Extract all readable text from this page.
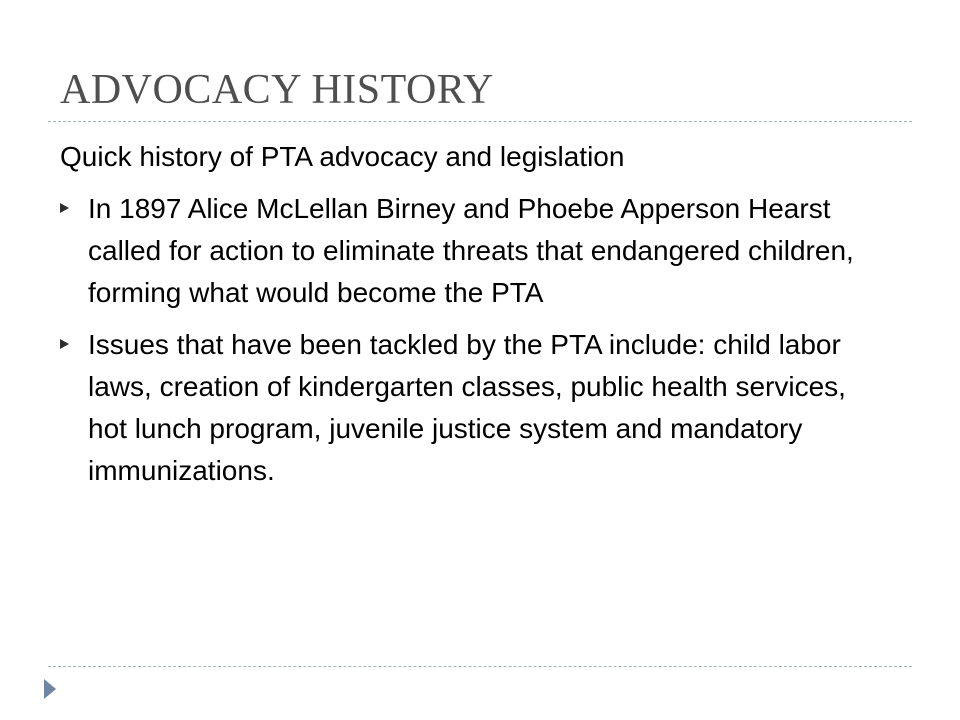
ADVOCACY HISTORY

Quick history of PTA advocacy and legislation

In 1897 Alice McLellan Birney and Phoebe Apperson Hearst called for action to eliminate threats that endangered children, forming what would become the PTA
Issues that have been tackled by the PTA include: child labor laws, creation of kindergarten classes, public health services, hot lunch program, juvenile justice system and mandatory immunizations.
